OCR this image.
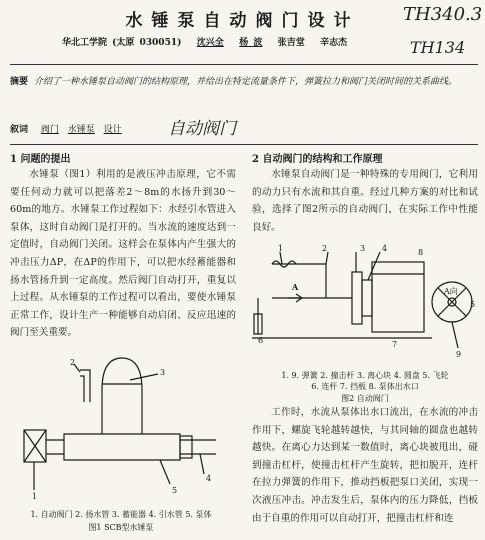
水锤泵自动阀门设计	TH340.3
TH134
华北工学院 (太原 030051) 沈兴全 杨 波 张吉堂 辛志杰
摘要 介绍了一种水锤泵自动阀门的结构原理，并给出在特定流量条件下，弹簧拉力和阀门关闭时间的关系曲线。
叙词 阀门 水锤泵 设计	自动阀门
1 问题的提出
水锤泵（图1）利用的是液压冲击原理，它不需要任何动力就可以把落差2～8m的水扬升到30～60m的地方。水锤泵工作过程如下：水经引水管进入泵体，这时自动阀门是打开的。当水流的速度达到一定值时，自动阀门关闭。这样会在泵体内产生强大的冲击压力ΔP，在ΔP的作用下，可以把水经蓄能器和扬水管扬升到一定高度。然后阀门自动打开，重复以上过程。从水锤泵的工作过程可以看出，要使水锤泵正常工作，设计生产一种能够自动启闭、反应迅速的阀门至关重要。
1
2
3
4
5
1. 自动阀门 2. 扬水管 3. 蓄能器 4. 引水管 5. 泵体
图1 SCB型水锤泵
2 自动阀门的结构和工作原理
水锤泵自动阀门是一种特殊的专用阀门，它利用的动力只有水流和其自重。经过几种方案的对比和试验，选择了图2所示的自动阀门，在实际工作中性能良好。
1	2	3 4
5
6	7
8
9
A	A向
1. 9. 弹簧 2. 撞击杆 3. 离心块 4. 圆盘 5. 飞轮
6. 连杆 7. 挡板 8. 泵体出水口
图2 自动阀门
工作时，水流从泵体出水口流出，在水流的冲击作用下，螺旋飞轮越转越快，与其同轴的圆盘也越转越快。在离心力达到某一数值时，离心块被甩出，碰到撞击杠杆，使撞击杠杆产生旋转，把扣脱开，连杆在拉力弹簧的作用下，推动挡板把泵口关闭，实现一次液压冲击。冲击发生后，泵体内的压力降低，挡板由于自重的作用可以自动打开，把撞击杠杆和连
